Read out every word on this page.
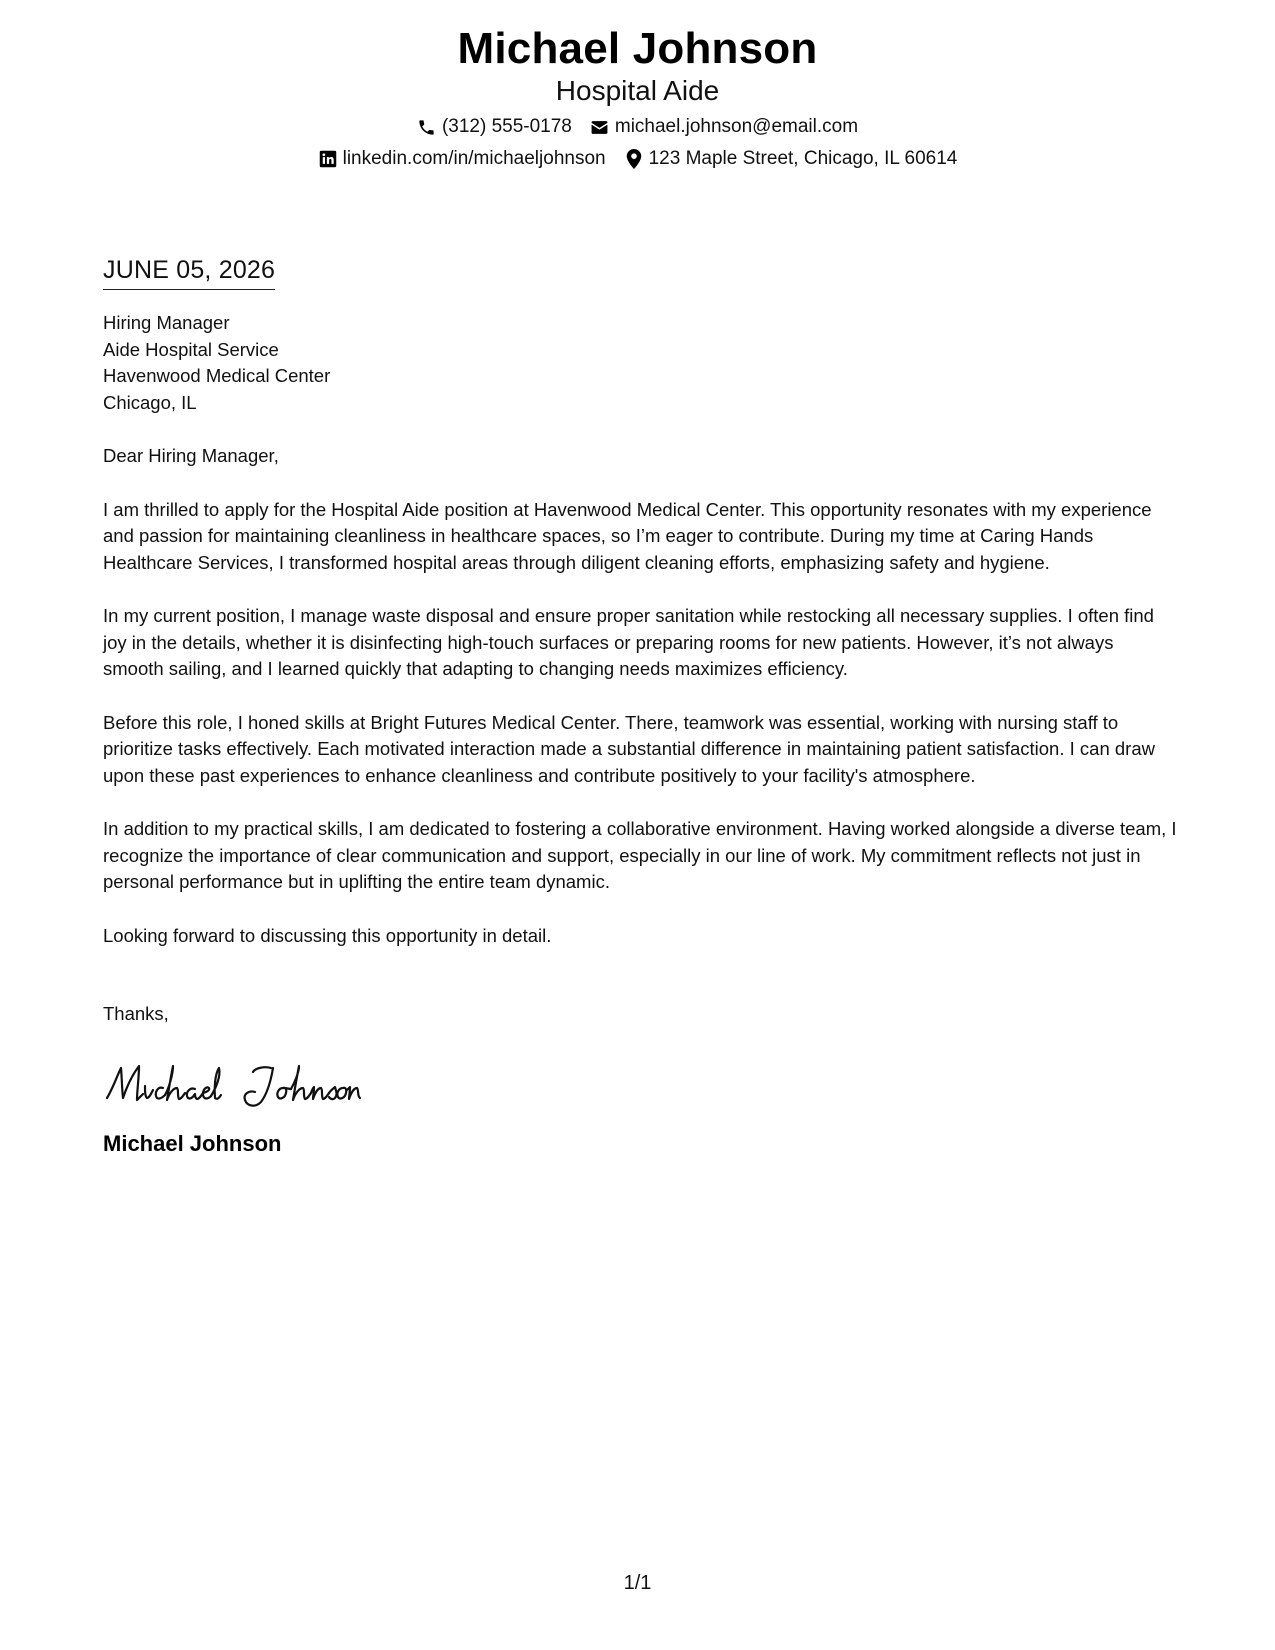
Michael Johnson
Hospital Aide
(312) 555-0178 michael.johnson@email.com
linkedin.com/in/michaeljohnson 123 Maple Street, Chicago, IL 60614
JUNE 05, 2026
Hiring Manager
Aide Hospital Service
Havenwood Medical Center
Chicago, IL
Dear Hiring Manager,
I am thrilled to apply for the Hospital Aide position at Havenwood Medical Center. This opportunity resonates with my experience and passion for maintaining cleanliness in healthcare spaces, so I’m eager to contribute. During my time at Caring Hands Healthcare Services, I transformed hospital areas through diligent cleaning efforts, emphasizing safety and hygiene.
In my current position, I manage waste disposal and ensure proper sanitation while restocking all necessary supplies. I often find joy in the details, whether it is disinfecting high-touch surfaces or preparing rooms for new patients. However, it’s not always smooth sailing, and I learned quickly that adapting to changing needs maximizes efficiency.
Before this role, I honed skills at Bright Futures Medical Center. There, teamwork was essential, working with nursing staff to prioritize tasks effectively. Each motivated interaction made a substantial difference in maintaining patient satisfaction. I can draw upon these past experiences to enhance cleanliness and contribute positively to your facility's atmosphere.
In addition to my practical skills, I am dedicated to fostering a collaborative environment. Having worked alongside a diverse team, I recognize the importance of clear communication and support, especially in our line of work. My commitment reflects not just in personal performance but in uplifting the entire team dynamic.
Looking forward to discussing this opportunity in detail.
Thanks,
Michael Johnson
1/1
